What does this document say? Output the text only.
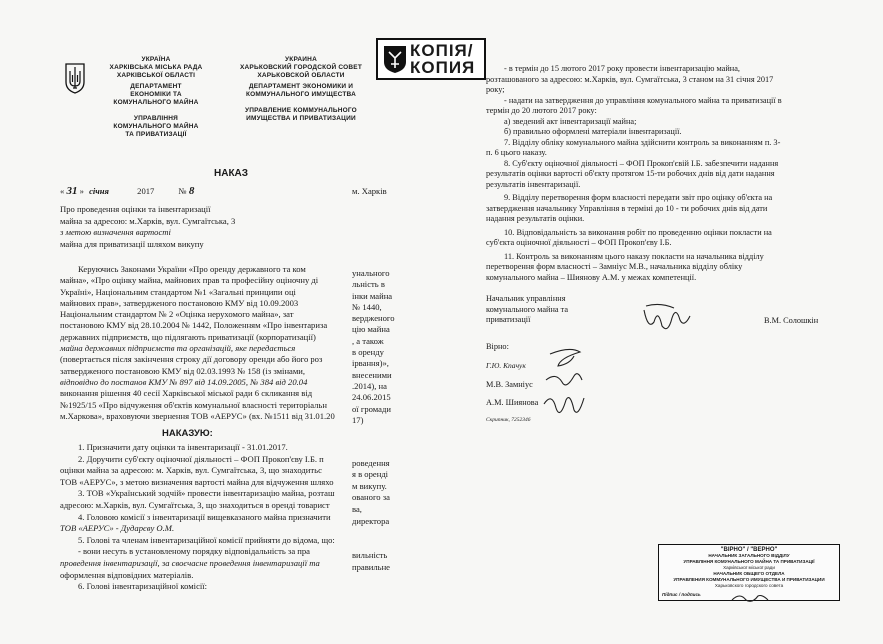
УКРАЇНА
ХАРКІВСЬКА МІСЬКА РАДА
ХАРКІВСЬКОЇ ОБЛАСТІ
ДЕПАРТАМЕНТ
ЕКОНОМІКИ ТА
КОМУНАЛЬНОГО МАЙНА
УПРАВЛІННЯ
КОМУНАЛЬНОГО МАЙНА
ТА ПРИВАТИЗАЦІЇ
УКРАИНА
ХАРЬКОВСКИЙ ГОРОДСКОЙ СОВЕТ
ХАРЬКОВСКОЙ ОБЛАСТИ
ДЕПАРТАМЕНТ ЭКОНОМИКИ И
КОММУНАЛЬНОГО ИМУЩЕСТВА
УПРАВЛЕНИЕ КОММУНАЛЬНОГО
ИМУЩЕСТВА И ПРИВАТИЗАЦИИ
КОПІЯ/
КОПИЯ
НАКАЗ
« 31 » січня	2017	№ 8	м. Харків
Про проведення оцінки та інвентаризації
майна за адресою: м.Харків, вул. Сумгаїтська, 3
з метою визначення вартості
майна для приватизації шляхом викупу

Керуючись Законами України «Про оренду державного та ком

майна», «Про оцінку майна, майнових прав та професійну оціночну ді

Україні», Національним стандартом №1 «Загальні принципи оці

майнових прав», затвердженого постановою КМУ від 10.09.2003

Національним стандартом № 2 «Оцінка нерухомого майна», зат

постановою КМУ від 28.10.2004 № 1442, Положенням «Про інвентариза

державних підприємств, що підлягають приватизації (корпоратизації)

майна державних підприємств та організацій, яке передається

(повертається після закінчення строку дії договору оренди або його роз

затвердженого постановою КМУ від 02.03.1993 № 158 (із змінами,

відповідно до постанов КМУ № 897 від 14.09.2005, № 384 від 20.04

виконання рішення 40 сесії Харківської міської ради 6 скликання від

№1925/15 «Про відчуження об'єктів комунальної власності територіальн

м.Харкова», враховуючи звернення ТОВ «АЕРУС» (вх. №1511 від 31.01.20

унального

льність в

інки майна

№ 1440,

вердженого

цію майна

, а також

в оренду

ірвання)»,

внесеними

.2014), на

24.06.2015

ої громади

17)

НАКАЗУЮ:

1. Призначити дату оцінки та інвентаризації - 31.01.2017.

2. Доручити суб'єкту оціночної діяльності – ФОП Прокоп'єву І.Б. п

оцінки майна за адресою: м. Харків, вул. Сумгаїтська, 3, що знаходитьс

ТОВ «АЕРУС», з метою визначення вартості майна для відчуження шляхо

3. ТОВ «Український зодчій» провести інвентаризацію майна, розташ

адресою: м.Харків, вул. Сумгаїтська, 3, що знаходиться в оренді товарист

4. Головою комісії з інвентаризації вищевказаного майна призначити

ТОВ «АЕРУС» - Дударєву О.М.

5. Голові та членам інвентаризаційної комісії прийняти до відома, що:

- вони несуть в установленому порядку відповідальність за пра

проведення інвентаризації, за своєчасне проведення інвентаризації та

оформлення відповідних матеріалів.

6. Голові інвентаризаційної комісії:

роведення

я в оренді

м викупу.

ованого за

ва,

директора

вильність

правильне

- в термін до 15 лютого 2017 року провести інвентаризацію майна,

розташованого за адресою: м.Харків, вул. Сумгаїтська, 3 станом на 31 січня 2017

року;

- надати на затвердження до управління комунального майна та приватизації в

термін до 20 лютого 2017 року:

а) зведений акт інвентаризації майна;

б) правильно оформлені матеріали інвентаризації.

7. Відділу обліку комунального майна здійснити контроль за виконанням п. 3-

п. 6 цього наказу.

8. Суб'єкту оціночної діяльності – ФОП Прокоп'євій І.Б. забезпечити надання

результатів оцінки вартості об'єкту протягом 15-ти робочих днів від дати надання

результатів інвентаризації.

9. Відділу перетворення форм власності передати звіт про оцінку об'єкта на

затвердження начальнику Управління в терміні до 10 - ти робочих днів від дати

надання результатів оцінки.

10. Відповідальність за виконання робіт по проведенню оцінки покласти на

суб'єкта оціночної діяльності – ФОП Прокоп'єву І.Б.

11. Контроль за виконанням цього наказу покласти на начальника відділу

перетворення форм власності – Замніус М.В., начальника відділу обліку

комунального майна – Шиянову А.М. у межах компетенції.

Начальник управління

комунального майна та

приватизації	В.М. Солошкін
Вірно:
Г.Ю. Кпачук
М.В. Замніус
А.М. Шиянова
Скрипник, 7252346
"ВІРНО" / "ВЕРНО"
НАЧАЛЬНИК ЗАГАЛЬНОГО ВІДДІЛУ
УПРАВЛІННЯ КОМУНАЛЬНОГО МАЙНА ТА ПРИВАТИЗАЦІЇ
Харківської міської ради
НАЧАЛЬНИК ОБЩЕГО ОТДЕЛА
УПРАВЛЕНИЯ КОММУНАЛЬНОГО ИМУЩЕСТВА И ПРИВАТИЗАЦИИ
Харьковского городского совета
Підпис / подпись
